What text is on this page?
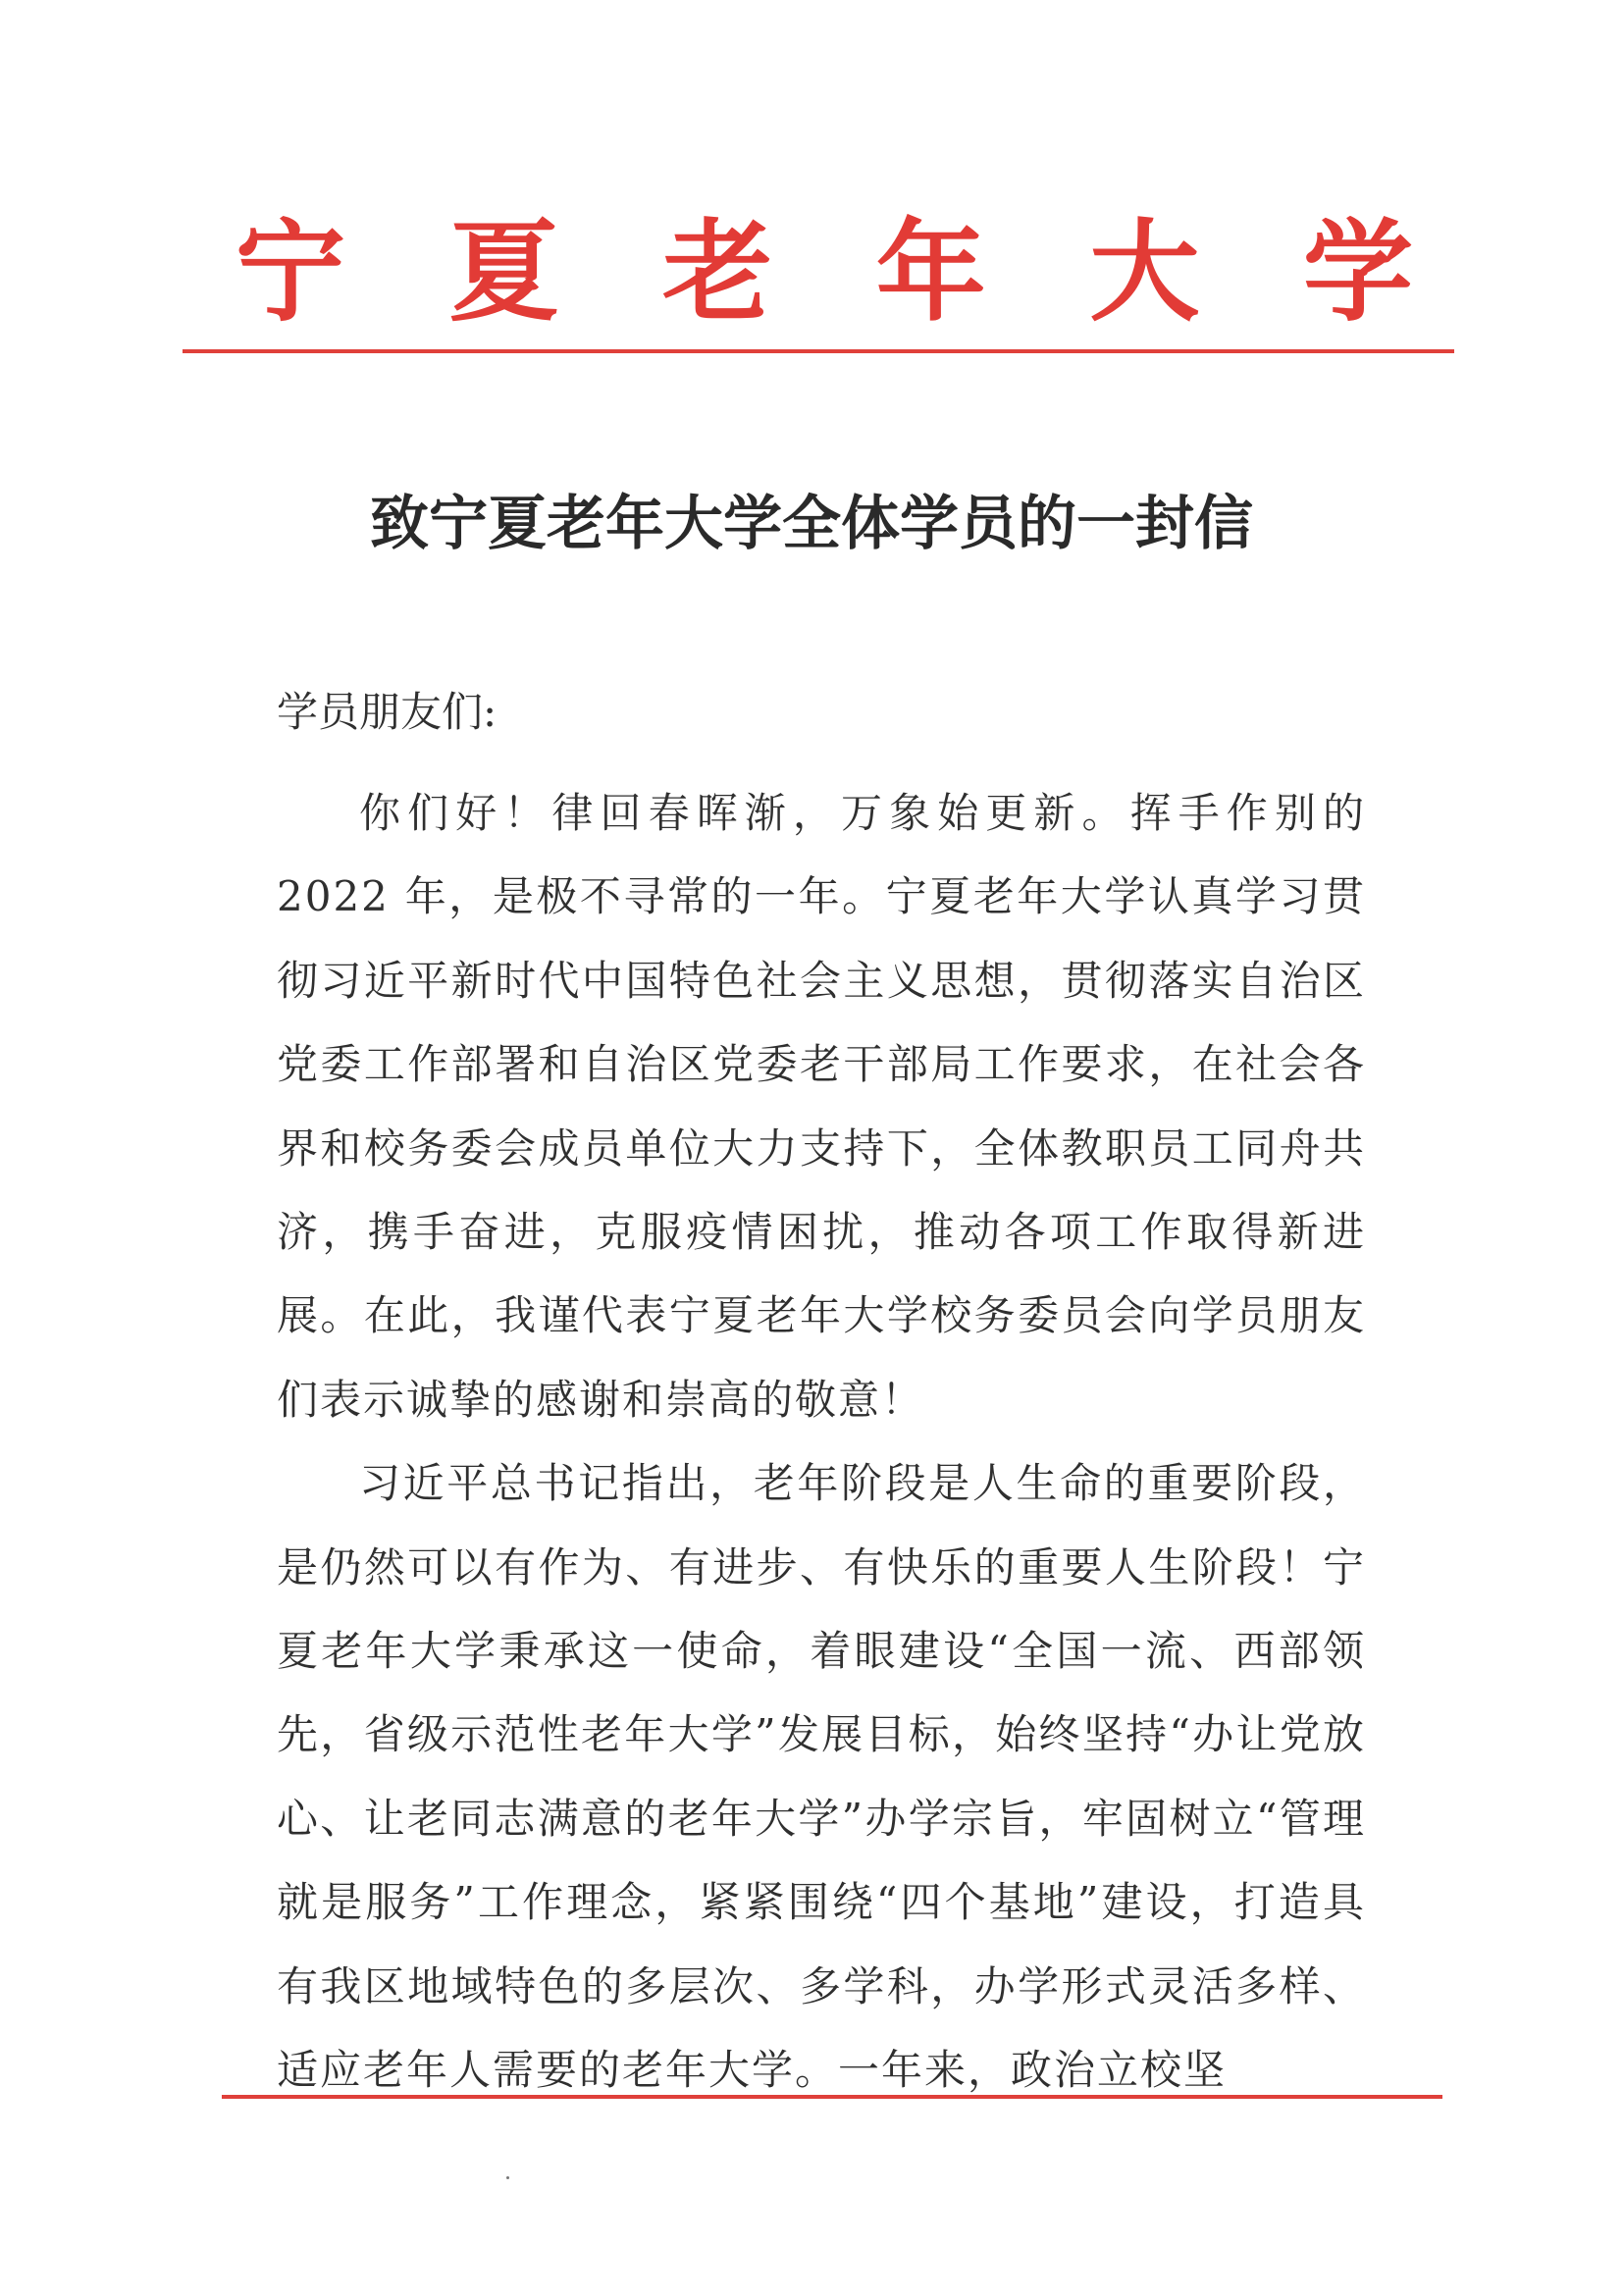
宁 夏 老 年 大 学
致宁夏老年大学全体学员的一封信
学员朋友们:

你们好！律回春晖渐，万象始更新。挥手作别的 2022 年，是极不寻常的一年。宁夏老年大学认真学习贯彻习近平新时代中国特色社会主义思想，贯彻落实自治区党委工作部署和自治区党委老干部局工作要求，在社会各界和校务委会成员单位大力支持下，全体教职员工同舟共济，携手奋进，克服疫情困扰，推动各项工作取得新进展。在此，我谨代表宁夏老年大学校务委员会向学员朋友们表示诚挚的感谢和崇高的敬意！

习近平总书记指出，老年阶段是人生命的重要阶段，是仍然可以有作为、有进步、有快乐的重要人生阶段！宁夏老年大学秉承这一使命，着眼建设“全国一流、西部领先，省级示范性老年大学”发展目标，始终坚持“办让党放心、让老同志满意的老年大学”办学宗旨，牢固树立“管理就是服务”工作理念，紧紧围绕“四个基地”建设，打造具有我区地域特色的多层次、多学科，办学形式灵活多样、适应老年人需要的老年大学。一年来，政治立校坚
